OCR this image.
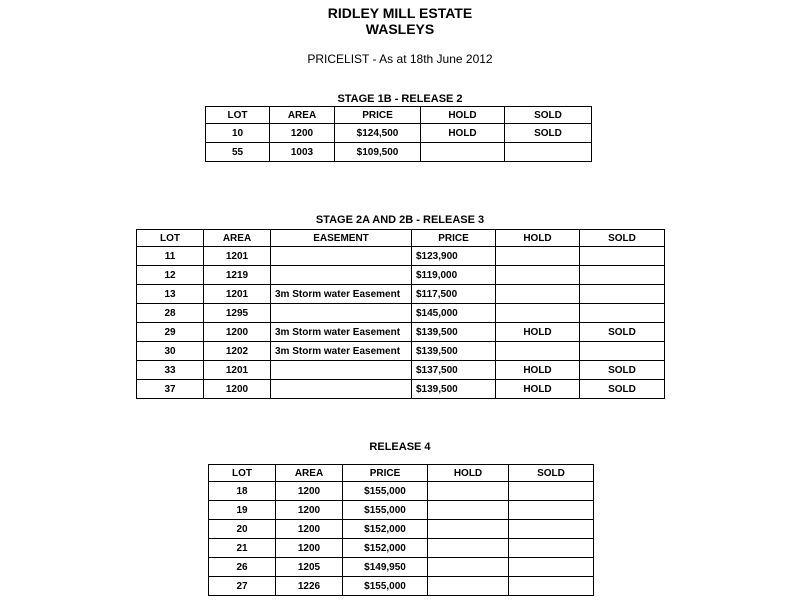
RIDLEY MILL ESTATE
WASLEYS
PRICELIST - As at 18th June 2012
STAGE 1B - RELEASE 2
LOT	AREA	PRICE	HOLD	SOLD
10	1200	$124,500	HOLD	SOLD
55	1003	$109,500		
STAGE 2A AND 2B - RELEASE 3
LOT	AREA	EASEMENT	PRICE	HOLD	SOLD
11	1201		$123,900		
12	1219		$119,000		
13	1201	3m Storm water Easement	$117,500		
28	1295		$145,000		
29	1200	3m Storm water Easement	$139,500	HOLD	SOLD
30	1202	3m Storm water Easement	$139,500		
33	1201		$137,500	HOLD	SOLD
37	1200		$139,500	HOLD	SOLD
RELEASE 4
LOT	AREA	PRICE	HOLD	SOLD
18	1200	$155,000		
19	1200	$155,000		
20	1200	$152,000		
21	1200	$152,000		
26	1205	$149,950		
27	1226	$155,000		
